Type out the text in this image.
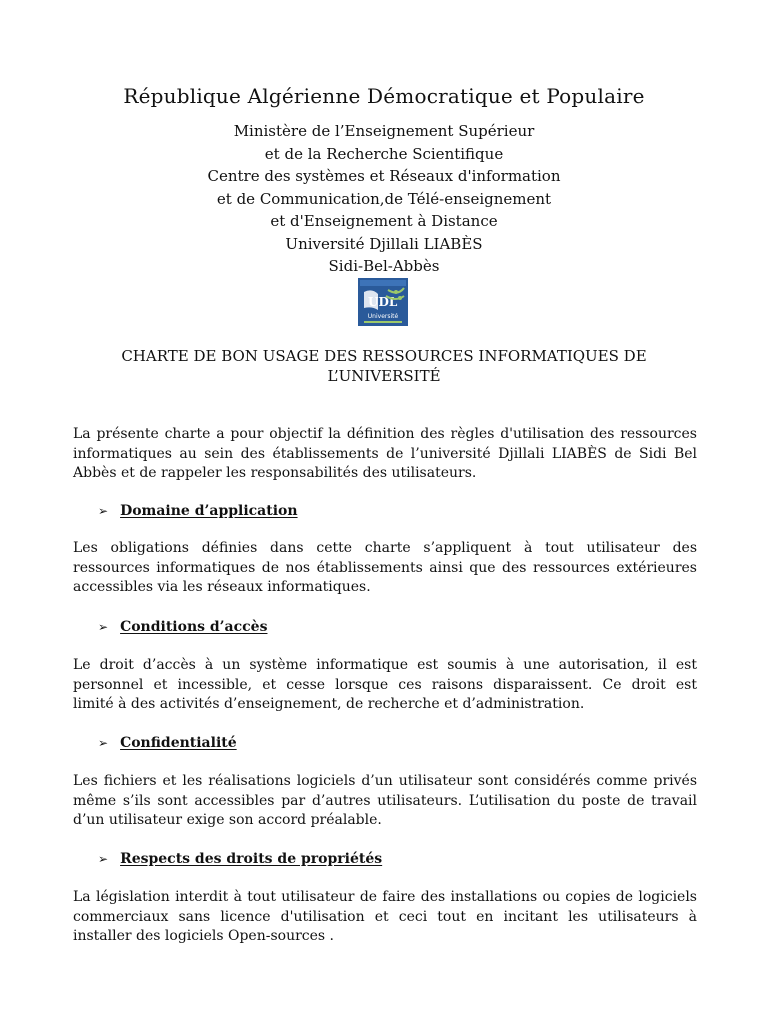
République Algérienne Démocratique et Populaire
Ministère de l’Enseignement Supérieur
et de la Recherche Scientifique
Centre des systèmes et Réseaux d'information
et de Communication,de Télé-enseignement
et d'Enseignement à Distance
Université Djillali LIABÈS
Sidi-Bel-Abbès
UDL
Université
CHARTE DE BON USAGE DES RESSOURCES INFORMATIQUES DE
L’UNIVERSITÉ
La présente charte a pour objectif la définition des règles d'utilisation des ressources
informatiques au sein des établissements de l’université Djillali LIABÈS de Sidi Bel
Abbès et de rappeler les responsabilités des utilisateurs.
➢ Domaine d’application
Les obligations définies dans cette charte s’appliquent à tout utilisateur des
ressources informatiques de nos établissements ainsi que des ressources extérieures
accessibles via les réseaux informatiques.
➢ Conditions d’accès
Le droit d’accès à un système informatique est soumis à une autorisation, il est
personnel et incessible, et cesse lorsque ces raisons disparaissent. Ce droit est
limité à des activités d’enseignement, de recherche et d’administration.
➢ Confidentialité
Les fichiers et les réalisations logiciels d’un utilisateur sont considérés comme privés
même s’ils sont accessibles par d’autres utilisateurs. L’utilisation du poste de travail
d’un utilisateur exige son accord préalable.
➢ Respects des droits de propriétés
La législation interdit à tout utilisateur de faire des installations ou copies de logiciels
commerciaux sans licence d'utilisation et ceci tout en incitant les utilisateurs à
installer des logiciels Open-sources .
